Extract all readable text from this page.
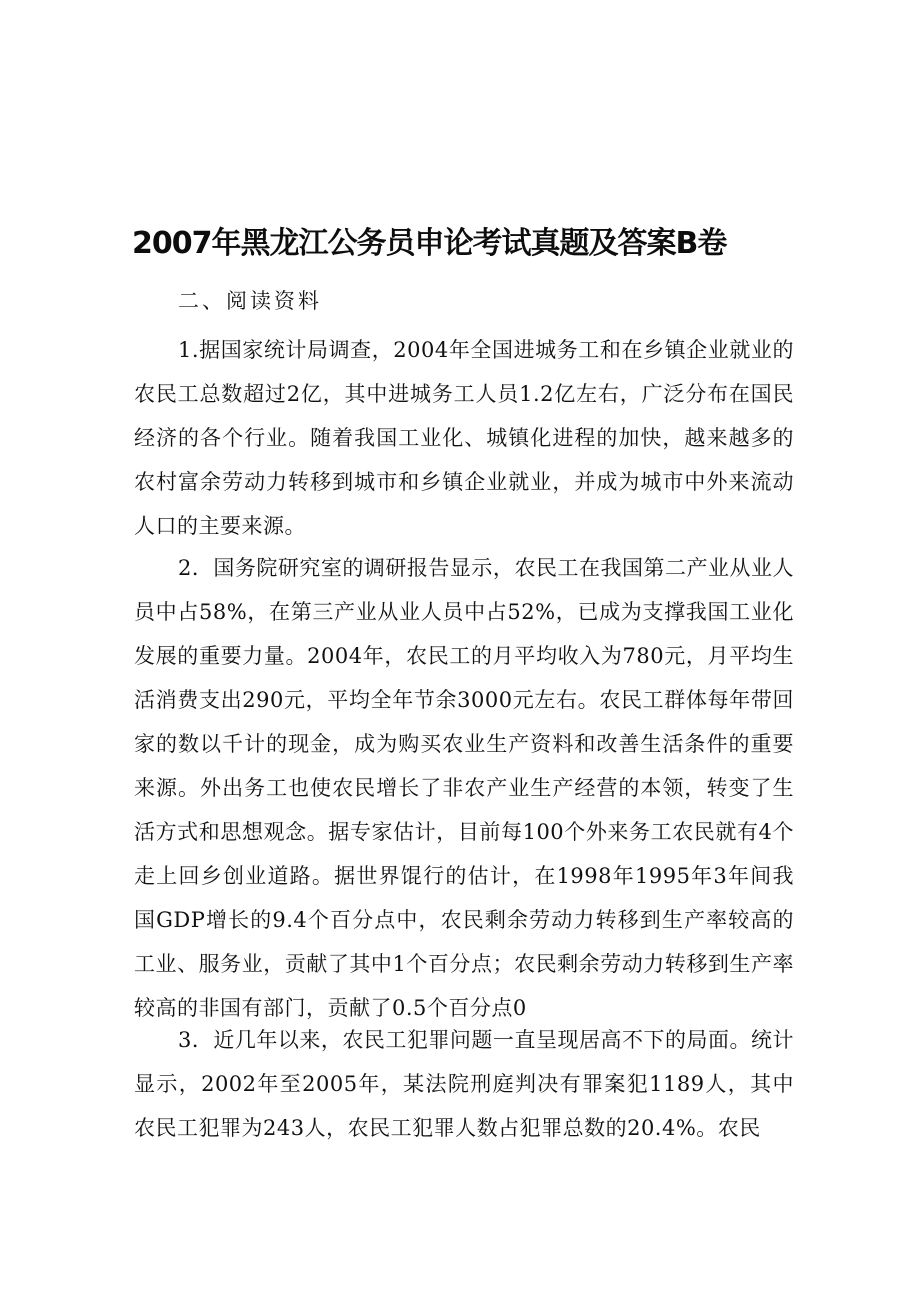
2007年黑龙江公务员申论考试真题及答案B卷
二、阅读资料

1.据国家统计局调查，2004年全国进城务工和在乡镇企业就业的农民工总数超过2亿，其中进城务工人员1.2亿左右，广泛分布在国民经济的各个行业。随着我国工业化、城镇化进程的加快，越来越多的农村富余劳动力转移到城市和乡镇企业就业，并成为城市中外来流动人口的主要来源。

2．国务院研究室的调研报告显示，农民工在我国第二产业从业人员中占58%，在第三产业从业人员中占52%，已成为支撑我国工业化发展的重要力量。2004年，农民工的月平均收入为780元，月平均生活消费支出290元，平均全年节余3000元左右。农民工群体每年带回家的数以千计的现金，成为购买农业生产资料和改善生活条件的重要来源。外出务工也使农民增长了非农产业生产经营的本领，转变了生活方式和思想观念。据专家估计，目前每100个外来务工农民就有4个走上回乡创业道路。据世界馄行的估计，在1998年1995年3年间我国GDP增长的9.4个百分点中，农民剩余劳动力转移到生产率较高的工业、服务业，贡献了其中1个百分点；农民剩余劳动力转移到生产率较高的非国有部门，贡献了0.5个百分点0

3．近几年以来，农民工犯罪问题一直呈现居高不下的局面。统计显示，2002年至2005年，某法院刑庭判决有罪案犯1189人，其中农民工犯罪为243人，农民工犯罪人数占犯罪总数的20.4%。农民
